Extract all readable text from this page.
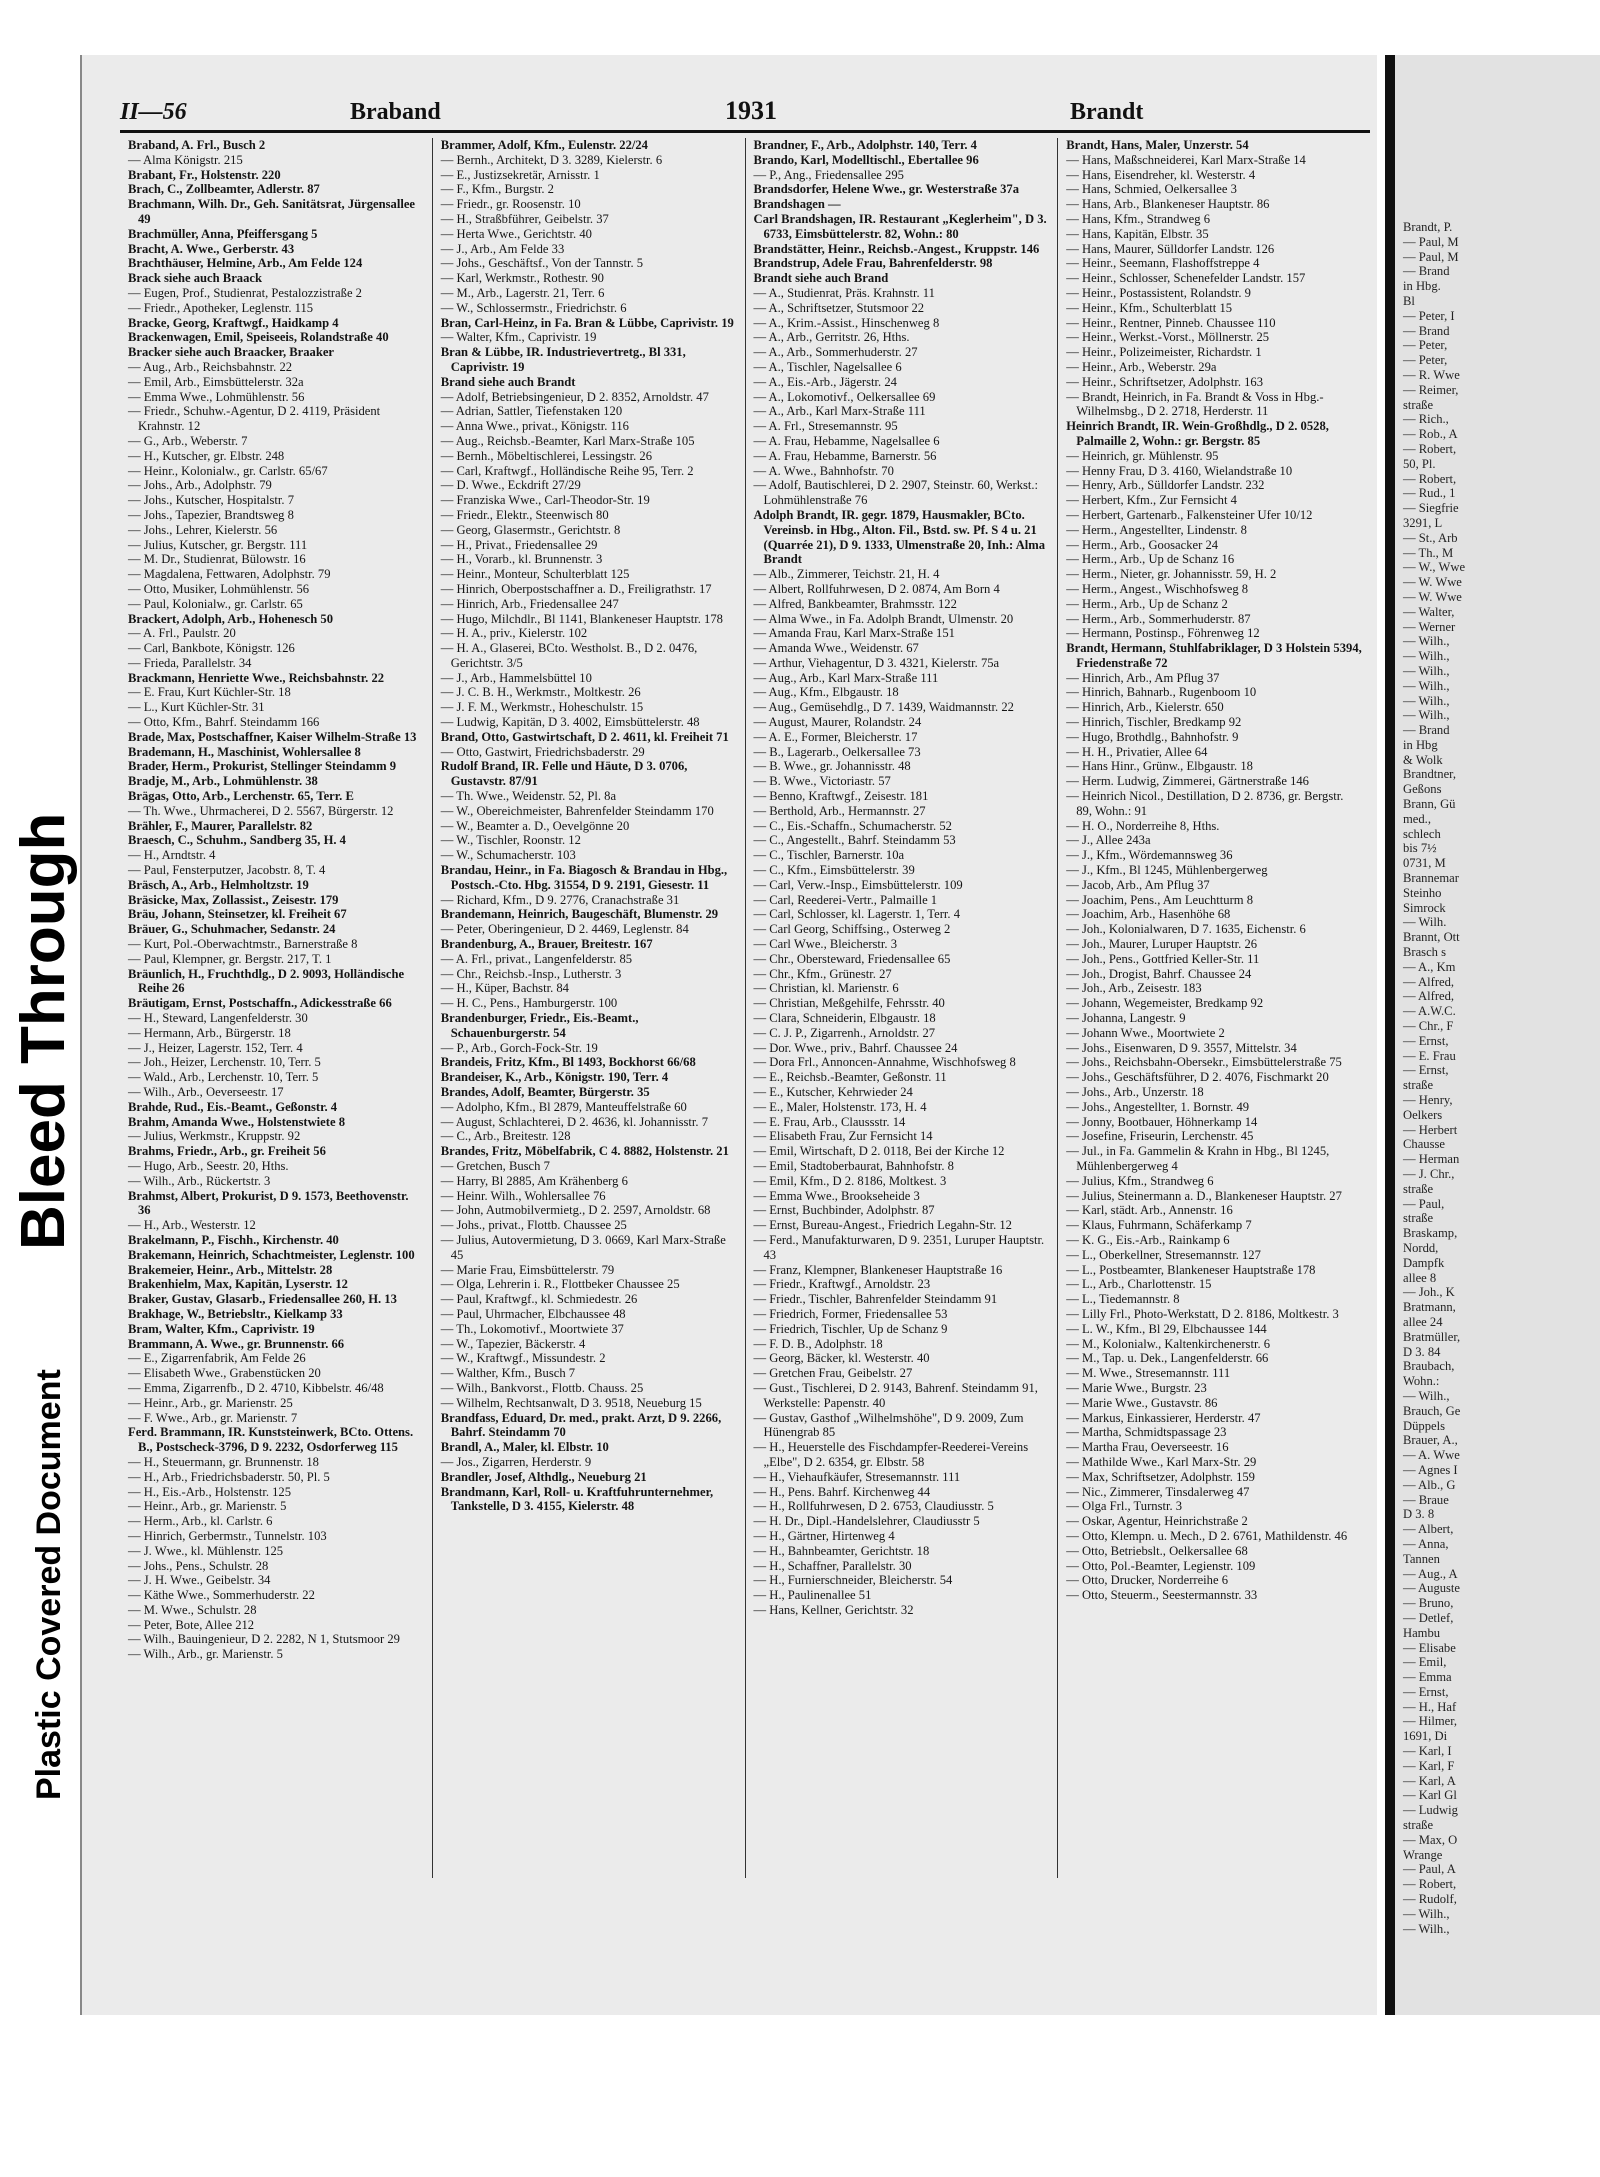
Bleed Through
Plastic Covered Document
II—56	Braband	1931	Brandt

Braband, A. Frl., Busch 2

— Alma Königstr. 215

Brabant, Fr., Holstenstr. 220

Brach, C., Zollbeamter, Adlerstr. 87

Brachmann, Wilh. Dr., Geh. Sanitätsrat, Jürgensallee 49

Brachmüller, Anna, Pfeiffersgang 5

Bracht, A. Wwe., Gerberstr. 43

Brachthäuser, Helmine, Arb., Am Felde 124

Brack siehe auch Braack

— Eugen, Prof., Studienrat, Pestalozzistraße 2

— Friedr., Apotheker, Leglenstr. 115

Bracke, Georg, Kraftwgf., Haidkamp 4

Brackenwagen, Emil, Speiseeis, Rolandstraße 40

Bracker siehe auch Braacker, Braaker

— Aug., Arb., Reichsbahnstr. 22

— Emil, Arb., Eimsbüttelerstr. 32a

— Emma Wwe., Lohmühlenstr. 56

— Friedr., Schuhw.-Agentur, D 2. 4119, Präsident Krahnstr. 12

— G., Arb., Weberstr. 7

— H., Kutscher, gr. Elbstr. 248

— Heinr., Kolonialw., gr. Carlstr. 65/67

— Johs., Arb., Adolphstr. 79

— Johs., Kutscher, Hospitalstr. 7

— Johs., Tapezier, Brandtsweg 8

— Johs., Lehrer, Kielerstr. 56

— Julius, Kutscher, gr. Bergstr. 111

— M. Dr., Studienrat, Bülowstr. 16

— Magdalena, Fettwaren, Adolphstr. 79

— Otto, Musiker, Lohmühlenstr. 56

— Paul, Kolonialw., gr. Carlstr. 65

Brackert, Adolph, Arb., Hohenesch 50

— A. Frl., Paulstr. 20

— Carl, Bankbote, Königstr. 126

— Frieda, Parallelstr. 34

Brackmann, Henriette Wwe., Reichsbahnstr. 22

— E. Frau, Kurt Küchler-Str. 18

— L., Kurt Küchler-Str. 31

— Otto, Kfm., Bahrf. Steindamm 166

Brade, Max, Postschaffner, Kaiser Wilhelm-Straße 13

Brademann, H., Maschinist, Wohlersallee 8

Brader, Herm., Prokurist, Stellinger Steindamm 9

Bradje, M., Arb., Lohmühlenstr. 38

Brägas, Otto, Arb., Lerchenstr. 65, Terr. E

— Th. Wwe., Uhrmacherei, D 2. 5567, Bürgerstr. 12

Brähler, F., Maurer, Parallelstr. 82

Braesch, C., Schuhm., Sandberg 35, H. 4

— H., Arndtstr. 4

— Paul, Fensterputzer, Jacobstr. 8, T. 4

Bräsch, A., Arb., Helmholtzstr. 19

Bräsicke, Max, Zollassist., Zeisestr. 179

Bräu, Johann, Steinsetzer, kl. Freiheit 67

Bräuer, G., Schuhmacher, Sedanstr. 24

— Kurt, Pol.-Oberwachtmstr., Barnerstraße 8

— Paul, Klempner, gr. Bergstr. 217, T. 1

Bräunlich, H., Fruchthdlg., D 2. 9093, Holländische Reihe 26

Bräutigam, Ernst, Postschaffn., Adickesstraße 66

— H., Steward, Langenfelderstr. 30

— Hermann, Arb., Bürgerstr. 18

— J., Heizer, Lagerstr. 152, Terr. 4

— Joh., Heizer, Lerchenstr. 10, Terr. 5

— Wald., Arb., Lerchenstr. 10, Terr. 5

— Wilh., Arb., Oeverseestr. 17

Brahde, Rud., Eis.-Beamt., Geßonstr. 4

Brahm, Amanda Wwe., Holstenstwiete 8

— Julius, Werkmstr., Kruppstr. 92

Brahms, Friedr., Arb., gr. Freiheit 56

— Hugo, Arb., Seestr. 20, Hths.

— Wilh., Arb., Rückertstr. 3

Brahmst, Albert, Prokurist, D 9. 1573, Beethovenstr. 36

— H., Arb., Westerstr. 12

Brakelmann, P., Fischh., Kirchenstr. 40

Brakemann, Heinrich, Schachtmeister, Leglenstr. 100

Brakemeier, Heinr., Arb., Mittelstr. 28

Brakenhielm, Max, Kapitän, Lyserstr. 12

Braker, Gustav, Glasarb., Friedensallee 260, H. 13

Brakhage, W., Betriebsltr., Kielkamp 33

Bram, Walter, Kfm., Caprivistr. 19

Brammann, A. Wwe., gr. Brunnenstr. 66

— E., Zigarrenfabrik, Am Felde 26

— Elisabeth Wwe., Grabenstücken 20

— Emma, Zigarrenfb., D 2. 4710, Kibbelstr. 46/48

— Heinr., Arb., gr. Marienstr. 25

— F. Wwe., Arb., gr. Marienstr. 7

Ferd. Brammann, IR. Kunststeinwerk, BCto. Ottens. B., Postscheck-3796, D 9. 2232, Osdorferweg 115

— H., Steuermann, gr. Brunnenstr. 18

— H., Arb., Friedrichsbaderstr. 50, Pl. 5

— H., Eis.-Arb., Holstenstr. 125

— Heinr., Arb., gr. Marienstr. 5

— Herm., Arb., kl. Carlstr. 6

— Hinrich, Gerbermstr., Tunnelstr. 103

— J. Wwe., kl. Mühlenstr. 125

— Johs., Pens., Schulstr. 28

— J. H. Wwe., Geibelstr. 34

— Käthe Wwe., Sommerhuderstr. 22

— M. Wwe., Schulstr. 28

— Peter, Bote, Allee 212

— Wilh., Bauingenieur, D 2. 2282, N 1, Stutsmoor 29

— Wilh., Arb., gr. Marienstr. 5

Brammer, Adolf, Kfm., Eulenstr. 22/24

— Bernh., Architekt, D 3. 3289, Kielerstr. 6

— E., Justizsekretär, Arnisstr. 1

— F., Kfm., Burgstr. 2

— Friedr., gr. Roosenstr. 10

— H., Straßbführer, Geibelstr. 37

— Herta Wwe., Gerichtstr. 40

— J., Arb., Am Felde 33

— Johs., Geschäftsf., Von der Tannstr. 5

— Karl, Werkmstr., Rothestr. 90

— M., Arb., Lagerstr. 21, Terr. 6

— W., Schlossermstr., Friedrichstr. 6

Bran, Carl-Heinz, in Fa. Bran & Lübbe, Caprivistr. 19

— Walter, Kfm., Caprivistr. 19

Bran & Lübbe, IR. Industrievertretg., Bl 331, Caprivistr. 19

Brand siehe auch Brandt

— Adolf, Betriebsingenieur, D 2. 8352, Arnoldstr. 47

— Adrian, Sattler, Tiefenstaken 120

— Anna Wwe., privat., Königstr. 116

— Aug., Reichsb.-Beamter, Karl Marx-Straße 105

— Bernh., Möbeltischlerei, Lessingstr. 26

— Carl, Kraftwgf., Holländische Reihe 95, Terr. 2

— D. Wwe., Eckdrift 27/29

— Franziska Wwe., Carl-Theodor-Str. 19

— Friedr., Elektr., Steenwisch 80

— Georg, Glasermstr., Gerichtstr. 8

— H., Privat., Friedensallee 29

— H., Vorarb., kl. Brunnenstr. 3

— Heinr., Monteur, Schulterblatt 125

— Hinrich, Oberpostschaffner a. D., Freiligrathstr. 17

— Hinrich, Arb., Friedensallee 247

— Hugo, Milchdlr., Bl 1141, Blankeneser Hauptstr. 178

— H. A., priv., Kielerstr. 102

— H. A., Glaserei, BCto. Westholst. B., D 2. 0476, Gerichtstr. 3/5

— J., Arb., Hammelsbüttel 10

— J. C. B. H., Werkmstr., Moltkestr. 26

— J. F. M., Werkmstr., Hoheschulstr. 15

— Ludwig, Kapitän, D 3. 4002, Eimsbüttelerstr. 48

Brand, Otto, Gastwirtschaft, D 2. 4611, kl. Freiheit 71

— Otto, Gastwirt, Friedrichsbaderstr. 29

Rudolf Brand, IR. Felle und Häute, D 3. 0706, Gustavstr. 87/91

— Th. Wwe., Weidenstr. 52, Pl. 8a

— W., Obereichmeister, Bahrenfelder Steindamm 170

— W., Beamter a. D., Oevelgönne 20

— W., Tischler, Roonstr. 12

— W., Schumacherstr. 103

Brandau, Heinr., in Fa. Biagosch & Brandau in Hbg., Postsch.-Cto. Hbg. 31554, D 9. 2191, Giesestr. 11

— Richard, Kfm., D 9. 2776, Cranachstraße 31

Brandemann, Heinrich, Baugeschäft, Blumenstr. 29

— Peter, Oberingenieur, D 2. 4469, Leglenstr. 84

Brandenburg, A., Brauer, Breitestr. 167

— A. Frl., privat., Langenfelderstr. 85

— Chr., Reichsb.-Insp., Lutherstr. 3

— H., Küper, Bachstr. 84

— H. C., Pens., Hamburgerstr. 100

Brandenburger, Friedr., Eis.-Beamt., Schauenburgerstr. 54

— P., Arb., Gorch-Fock-Str. 19

Brandeis, Fritz, Kfm., Bl 1493, Bockhorst 66/68

Brandeiser, K., Arb., Königstr. 190, Terr. 4

Brandes, Adolf, Beamter, Bürgerstr. 35

— Adolpho, Kfm., Bl 2879, Manteuffelstraße 60

— August, Schlachterei, D 2. 4636, kl. Johannisstr. 7

— C., Arb., Breitestr. 128

Brandes, Fritz, Möbelfabrik, C 4. 8882, Holstenstr. 21

— Gretchen, Busch 7

— Harry, Bl 2885, Am Krähenberg 6

— Heinr. Wilh., Wohlersallee 76

— John, Autmobilvermietg., D 2. 2597, Arnoldstr. 68

— Johs., privat., Flottb. Chaussee 25

— Julius, Autovermietung, D 3. 0669, Karl Marx-Straße 45

— Marie Frau, Eimsbüttelerstr. 79

— Olga, Lehrerin i. R., Flottbeker Chaussee 25

— Paul, Kraftwgf., kl. Schmiedestr. 26

— Paul, Uhrmacher, Elbchaussee 48

— Th., Lokomotivf., Moortwiete 37

— W., Tapezier, Bäckerstr. 4

— W., Kraftwgf., Missundestr. 2

— Walther, Kfm., Busch 7

— Wilh., Bankvorst., Flottb. Chauss. 25

— Wilhelm, Rechtsanwalt, D 3. 9518, Neueburg 15

Brandfass, Eduard, Dr. med., prakt. Arzt, D 9. 2266, Bahrf. Steindamm 70

Brandl, A., Maler, kl. Elbstr. 10

— Jos., Zigarren, Herderstr. 9

Brandler, Josef, Althdlg., Neueburg 21

Brandmann, Karl, Roll- u. Kraftfuhrunternehmer, Tankstelle, D 3. 4155, Kielerstr. 48

Brandner, F., Arb., Adolphstr. 140, Terr. 4

Brando, Karl, Modelltischl., Ebertallee 96

— P., Ang., Friedensallee 295

Brandsdorfer, Helene Wwe., gr. Westerstraße 37a

Brandshagen —

Carl Brandshagen, IR. Restaurant „Keglerheim", D 3. 6733, Eimsbüttelerstr. 82, Wohn.: 80

Brandstätter, Heinr., Reichsb.-Angest., Kruppstr. 146

Brandstrup, Adele Frau, Bahrenfelderstr. 98

Brandt siehe auch Brand

— A., Studienrat, Präs. Krahnstr. 11

— A., Schriftsetzer, Stutsmoor 22

— A., Krim.-Assist., Hinschenweg 8

— A., Arb., Gerritstr. 26, Hths.

— A., Arb., Sommerhuderstr. 27

— A., Tischler, Nagelsallee 6

— A., Eis.-Arb., Jägerstr. 24

— A., Lokomotivf., Oelkersallee 69

— A., Arb., Karl Marx-Straße 111

— A. Frl., Stresemannstr. 95

— A. Frau, Hebamme, Nagelsallee 6

— A. Frau, Hebamme, Barnerstr. 56

— A. Wwe., Bahnhofstr. 70

— Adolf, Bautischlerei, D 2. 2907, Steinstr. 60, Werkst.: Lohmühlenstraße 76

Adolph Brandt, IR. gegr. 1879, Hausmakler, BCto. Vereinsb. in Hbg., Alton. Fil., Bstd. sw. Pf. S 4 u. 21 (Quarrée 21), D 9. 1333, Ulmenstraße 20, Inh.: Alma Brandt

— Alb., Zimmerer, Teichstr. 21, H. 4

— Albert, Rollfuhrwesen, D 2. 0874, Am Born 4

— Alfred, Bankbeamter, Brahmsstr. 122

— Alma Wwe., in Fa. Adolph Brandt, Ulmenstr. 20

— Amanda Frau, Karl Marx-Straße 151

— Amanda Wwe., Weidenstr. 67

— Arthur, Viehagentur, D 3. 4321, Kielerstr. 75a

— Aug., Arb., Karl Marx-Straße 111

— Aug., Kfm., Elbgaustr. 18

— Aug., Gemüsehdlg., D 7. 1439, Waidmannstr. 22

— August, Maurer, Rolandstr. 24

— A. E., Former, Bleicherstr. 17

— B., Lagerarb., Oelkersallee 73

— B. Wwe., gr. Johannisstr. 48

— B. Wwe., Victoriastr. 57

— Benno, Kraftwgf., Zeisestr. 181

— Berthold, Arb., Hermannstr. 27

— C., Eis.-Schaffn., Schumacherstr. 52

— C., Angestellt., Bahrf. Steindamm 53

— C., Tischler, Barnerstr. 10a

— C., Kfm., Eimsbüttelerstr. 39

— Carl, Verw.-Insp., Eimsbüttelerstr. 109

— Carl, Reederei-Vertr., Palmaille 1

— Carl, Schlosser, kl. Lagerstr. 1, Terr. 4

— Carl Georg, Schiffsing., Osterweg 2

— Carl Wwe., Bleicherstr. 3

— Chr., Obersteward, Friedensallee 65

— Chr., Kfm., Grünestr. 27

— Christian, kl. Marienstr. 6

— Christian, Meßgehilfe, Fehrsstr. 40

— Clara, Schneiderin, Elbgaustr. 18

— C. J. P., Zigarrenh., Arnoldstr. 27

— Dor. Wwe., priv., Bahrf. Chaussee 24

— Dora Frl., Annoncen-Annahme, Wischhofsweg 8

— E., Reichsb.-Beamter, Geßonstr. 11

— E., Kutscher, Kehrwieder 24

— E., Maler, Holstenstr. 173, H. 4

— E. Frau, Arb., Claussstr. 14

— Elisabeth Frau, Zur Fernsicht 14

— Emil, Wirtschaft, D 2. 0118, Bei der Kirche 12

— Emil, Stadtoberbaurat, Bahnhofstr. 8

— Emil, Kfm., D 2. 8186, Moltkest. 3

— Emma Wwe., Brookseheide 3

— Ernst, Buchbinder, Adolphstr. 87

— Ernst, Bureau-Angest., Friedrich Legahn-Str. 12

— Ferd., Manufakturwaren, D 9. 2351, Luruper Hauptstr. 43

— Franz, Klempner, Blankeneser Hauptstraße 16

— Friedr., Kraftwgf., Arnoldstr. 23

— Friedr., Tischler, Bahrenfelder Steindamm 91

— Friedrich, Former, Friedensallee 53

— Friedrich, Tischler, Up de Schanz 9

— F. D. B., Adolphstr. 18

— Georg, Bäcker, kl. Westerstr. 40

— Gretchen Frau, Geibelstr. 27

— Gust., Tischlerei, D 2. 9143, Bahrenf. Steindamm 91, Werkstelle: Papenstr. 40

— Gustav, Gasthof „Wilhelmshöhe", D 9. 2009, Zum Hünengrab 85

— H., Heuerstelle des Fischdampfer-Reederei-Vereins „Elbe", D 2. 6354, gr. Elbstr. 58

— H., Viehaufkäufer, Stresemannstr. 111

— H., Pens. Bahrf. Kirchenweg 44

— H., Rollfuhrwesen, D 2. 6753, Claudiusstr. 5

— H. Dr., Dipl.-Handelslehrer, Claudiusstr 5

— H., Gärtner, Hirtenweg 4

— H., Bahnbeamter, Gerichtstr. 18

— H., Schaffner, Parallelstr. 30

— H., Furnierschneider, Bleicherstr. 54

— H., Paulinenallee 51

— Hans, Kellner, Gerichtstr. 32

Brandt, Hans, Maler, Unzerstr. 54

— Hans, Maßschneiderei, Karl Marx-Straße 14

— Hans, Eisendreher, kl. Westerstr. 4

— Hans, Schmied, Oelkersallee 3

— Hans, Arb., Blankeneser Hauptstr. 86

— Hans, Kfm., Strandweg 6

— Hans, Kapitän, Elbstr. 35

— Hans, Maurer, Sülldorfer Landstr. 126

— Heinr., Seemann, Flashoffstreppe 4

— Heinr., Schlosser, Schenefelder Landstr. 157

— Heinr., Postassistent, Rolandstr. 9

— Heinr., Kfm., Schulterblatt 15

— Heinr., Rentner, Pinneb. Chaussee 110

— Heinr., Werkst.-Vorst., Möllnerstr. 25

— Heinr., Polizeimeister, Richardstr. 1

— Heinr., Arb., Weberstr. 29a

— Heinr., Schriftsetzer, Adolphstr. 163

— Brandt, Heinrich, in Fa. Brandt & Voss in Hbg.-Wilhelmsbg., D 2. 2718, Herderstr. 11

Heinrich Brandt, IR. Wein-Großhdlg., D 2. 0528, Palmaille 2, Wohn.: gr. Bergstr. 85

— Heinrich, gr. Mühlenstr. 95

— Henny Frau, D 3. 4160, Wielandstraße 10

— Henry, Arb., Sülldorfer Landstr. 232

— Herbert, Kfm., Zur Fernsicht 4

— Herbert, Gartenarb., Falkensteiner Ufer 10/12

— Herm., Angestellter, Lindenstr. 8

— Herm., Arb., Goosacker 24

— Herm., Arb., Up de Schanz 16

— Herm., Nieter, gr. Johannisstr. 59, H. 2

— Herm., Angest., Wischhofsweg 8

— Herm., Arb., Up de Schanz 2

— Herm., Arb., Sommerhuderstr. 87

— Hermann, Postinsp., Föhrenweg 12

Brandt, Hermann, Stuhlfabriklager, D 3 Holstein 5394, Friedenstraße 72

— Hinrich, Arb., Am Pflug 37

— Hinrich, Bahnarb., Rugenboom 10

— Hinrich, Arb., Kielerstr. 650

— Hinrich, Tischler, Bredkamp 92

— Hugo, Brothdlg., Bahnhofstr. 9

— H. H., Privatier, Allee 64

— Hans Hinr., Grünw., Elbgaustr. 18

— Herm. Ludwig, Zimmerei, Gärtnerstraße 146

— Heinrich Nicol., Destillation, D 2. 8736, gr. Bergstr. 89, Wohn.: 91

— H. O., Norderreihe 8, Hths.

— J., Allee 243a

— J., Kfm., Wördemannsweg 36

— J., Kfm., Bl 1245, Mühlenbergerweg

— Jacob, Arb., Am Pflug 37

— Joachim, Pens., Am Leuchtturm 8

— Joachim, Arb., Hasenhöhe 68

— Joh., Kolonialwaren, D 7. 1635, Eichenstr. 6

— Joh., Maurer, Luruper Hauptstr. 26

— Joh., Pens., Gottfried Keller-Str. 11

— Joh., Drogist, Bahrf. Chaussee 24

— Joh., Arb., Zeisestr. 183

— Johann, Wegemeister, Bredkamp 92

— Johanna, Langestr. 9

— Johann Wwe., Moortwiete 2

— Johs., Eisenwaren, D 9. 3557, Mittelstr. 34

— Johs., Reichsbahn-Obersekr., Eimsbüttelerstraße 75

— Johs., Geschäftsführer, D 2. 4076, Fischmarkt 20

— Johs., Arb., Unzerstr. 18

— Johs., Angestellter, 1. Bornstr. 49

— Jonny, Bootbauer, Höhnerkamp 14

— Josefine, Friseurin, Lerchenstr. 45

— Jul., in Fa. Gammelin & Krahn in Hbg., Bl 1245, Mühlenbergerweg 4

— Julius, Kfm., Strandweg 6

— Julius, Steinermann a. D., Blankeneser Hauptstr. 27

— Karl, städt. Arb., Annenstr. 16

— Klaus, Fuhrmann, Schäferkamp 7

— K. G., Eis.-Arb., Rainkamp 6

— L., Oberkellner, Stresemannstr. 127

— L., Postbeamter, Blankeneser Hauptstraße 178

— L., Arb., Charlottenstr. 15

— L., Tiedemannstr. 8

— Lilly Frl., Photo-Werkstatt, D 2. 8186, Moltkestr. 3

— L. W., Kfm., Bl 29, Elbchaussee 144

— M., Kolonialw., Kaltenkirchenerstr. 6

— M., Tap. u. Dek., Langenfelderstr. 66

— M. Wwe., Stresemannstr. 111

— Marie Wwe., Burgstr. 23

— Marie Wwe., Gustavstr. 86

— Markus, Einkassierer, Herderstr. 47

— Martha, Schmidtspassage 23

— Martha Frau, Oeverseestr. 16

— Mathilde Wwe., Karl Marx-Str. 29

— Max, Schriftsetzer, Adolphstr. 159

— Nic., Zimmerer, Tinsdalerweg 47

— Olga Frl., Turnstr. 3

— Oskar, Agentur, Heinrichstraße 2

— Otto, Klempn. u. Mech., D 2. 6761, Mathildenstr. 46

— Otto, Betriebslt., Oelkersallee 68

— Otto, Pol.-Beamter, Legienstr. 109

— Otto, Drucker, Norderreihe 6

— Otto, Steuerm., Seestermannstr. 33

Brandt, P.

— Paul, M

— Paul, M

— Brand

in Hbg.

Bl

— Peter, I

— Brand

— Peter,

— Peter,

— R. Wwe

— Reimer,

straße

— Rich.,

— Rob., A

— Robert,

50, Pl.

— Robert,

— Rud., 1

— Siegfrie

3291, L

— St., Arb

— Th., M

— W., Wwe

— W. Wwe

— W. Wwe

— Walter,

— Werner

— Wilh.,

— Wilh.,

— Wilh.,

— Wilh.,

— Wilh.,

— Wilh.,

— Brand

in Hbg

& Wolk

Brandtner,

Geßons

Brann, Gü

med.,

schlech

bis 7½

0731, M

Brannemar

Steinho

Simrock

— Wilh.

Brannt, Ott

Brasch s

— A., Km

— Alfred,

— Alfred,

— A.W.C.

— Chr., F

— Ernst,

— E. Frau

— Ernst,

straße

— Henry,

Oelkers

— Herbert

Chausse

— Herman

— J. Chr.,

straße

— Paul,

straße

Braskamp,

Nordd,

Dampfk

allee 8

— Joh., K

Bratmann,

allee 24

Bratmüller,

D 3. 84

Braubach,

Wohn.:

— Wilh.,

Brauch, Ge

Düppels

Brauer, A.,

— A. Wwe

— Agnes I

— Alb., G

— Braue

D 3. 8

— Albert,

— Anna,

Tannen

— Aug., A

— Auguste

— Bruno,

— Detlef,

Hambu

— Elisabe

— Emil,

— Emma

— Ernst,

— H., Haf

— Hilmer,

1691, Di

— Karl, I

— Karl, F

— Karl, A

— Karl Gl

— Ludwig

straße

— Max, O

Wrange

— Paul, A

— Robert,

— Rudolf,

— Wilh.,

— Wilh.,
